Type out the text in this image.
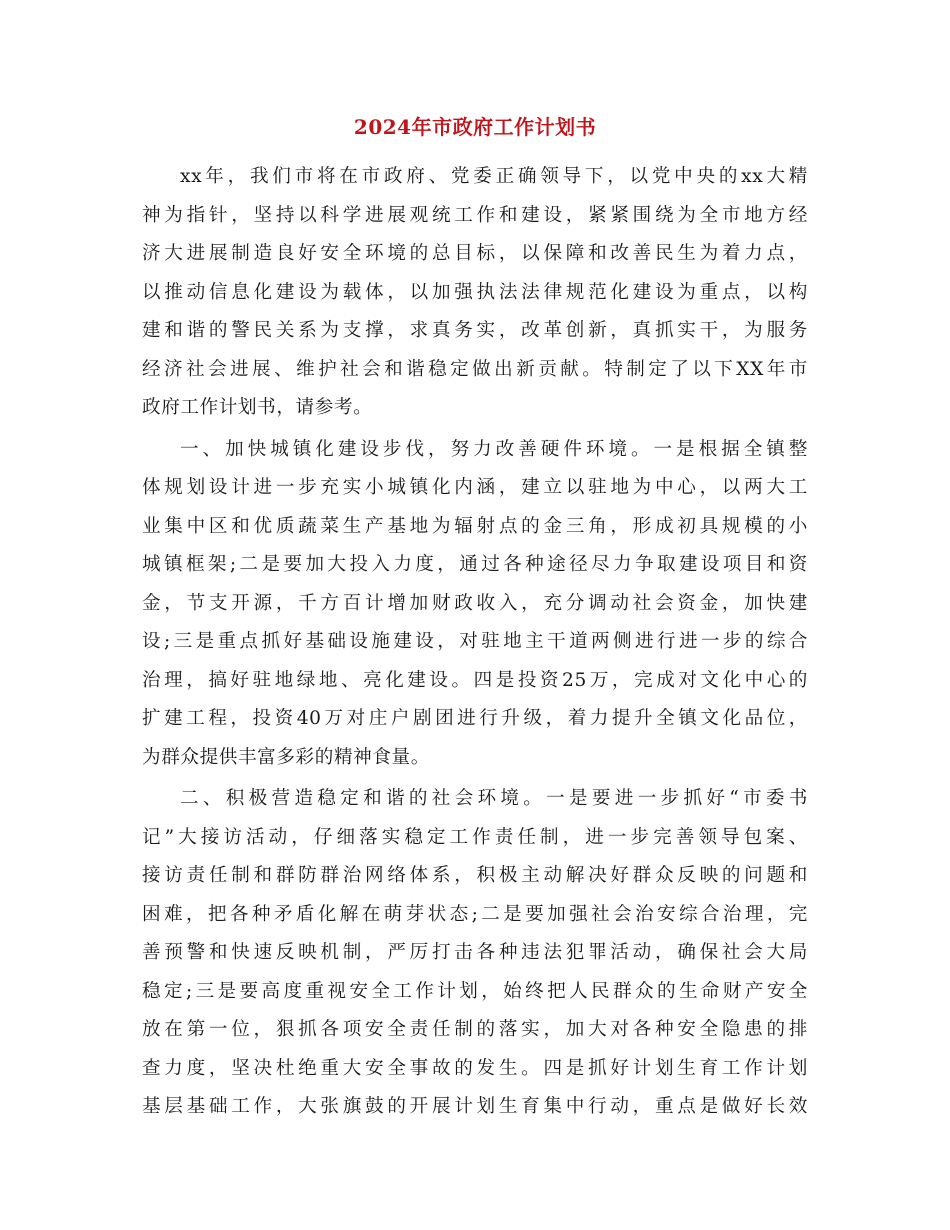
2024年市政府工作计划书
xx年，我们市将在市政府、党委正确领导下，以党中央的xx大精
神为指针，坚持以科学进展观统工作和建设，紧紧围绕为全市地方经
济大进展制造良好安全环境的总目标，以保障和改善民生为着力点，
以推动信息化建设为载体，以加强执法法律规范化建设为重点，以构
建和谐的警民关系为支撑，求真务实，改革创新，真抓实干，为服务
经济社会进展、维护社会和谐稳定做出新贡献。特制定了以下XX年市
政府工作计划书，请参考。
一、加快城镇化建设步伐，努力改善硬件环境。一是根据全镇整
体规划设计进一步充实小城镇化内涵，建立以驻地为中心，以两大工
业集中区和优质蔬菜生产基地为辐射点的金三角，形成初具规模的小
城镇框架;二是要加大投入力度，通过各种途径尽力争取建设项目和资
金，节支开源，千方百计增加财政收入，充分调动社会资金，加快建
设;三是重点抓好基础设施建设，对驻地主干道两侧进行进一步的综合
治理，搞好驻地绿地、亮化建设。四是投资25万，完成对文化中心的
扩建工程，投资40万对庄户剧团进行升级，着力提升全镇文化品位，
为群众提供丰富多彩的精神食量。
二、积极营造稳定和谐的社会环境。一是要进一步抓好“市委书
记”大接访活动，仔细落实稳定工作责任制，进一步完善领导包案、
接访责任制和群防群治网络体系，积极主动解决好群众反映的问题和
困难，把各种矛盾化解在萌芽状态;二是要加强社会治安综合治理，完
善预警和快速反映机制，严厉打击各种违法犯罪活动，确保社会大局
稳定;三是要高度重视安全工作计划，始终把人民群众的生命财产安全
放在第一位，狠抓各项安全责任制的落实，加大对各种安全隐患的排
查力度，坚决杜绝重大安全事故的发生。四是抓好计划生育工作计划
基层基础工作，大张旗鼓的开展计划生育集中行动，重点是做好长效
